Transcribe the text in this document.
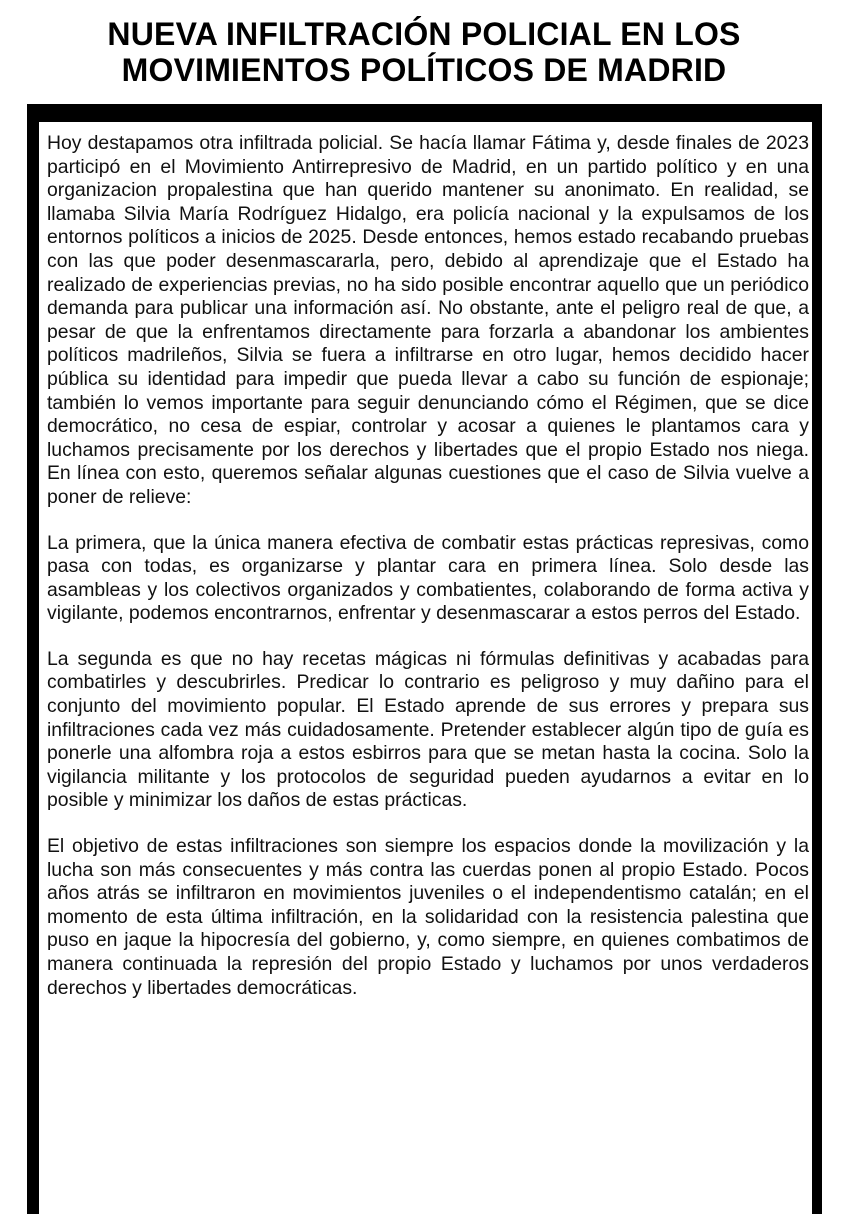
NUEVA INFILTRACIÓN POLICIAL EN LOS
MOVIMIENTOS POLÍTICOS DE MADRID

Hoy destapamos otra infiltrada policial. Se hacía llamar Fátima y, desde finales de 2023 participó en el Movimiento Antirrepresivo de Madrid, en un partido político y en una organizacion propalestina que han querido mantener su anonimato. En realidad, se llamaba Silvia María Rodríguez Hidalgo, era policía nacional y la expulsamos de los entornos políticos a inicios de 2025. Desde entonces, hemos estado recabando pruebas con las que poder desenmascararla, pero, debido al aprendizaje que el Estado ha realizado de experiencias previas, no ha sido posible encontrar aquello que un periódico demanda para publicar una información así. No obstante, ante el peligro real de que, a pesar de que la enfrentamos directamente para forzarla a abandonar los ambientes políticos madrileños, Silvia se fuera a infiltrarse en otro lugar, hemos decidido hacer pública su identidad para impedir que pueda llevar a cabo su función de espionaje; también lo vemos importante para seguir denunciando cómo el Régimen, que se dice democrático, no cesa de espiar, controlar y acosar a quienes le plantamos cara y luchamos precisamente por los derechos y libertades que el propio Estado nos niega. En línea con esto, queremos señalar algunas cuestiones que el caso de Silvia vuelve a poner de relieve:

La primera, que la única manera efectiva de combatir estas prácticas represivas, como pasa con todas, es organizarse y plantar cara en primera línea. Solo desde las asambleas y los colectivos organizados y combatientes, colaborando de forma activa y vigilante, podemos encontrarnos, enfrentar y desenmascarar a estos perros del Estado.

La segunda es que no hay recetas mágicas ni fórmulas definitivas y acabadas para combatirles y descubrirles. Predicar lo contrario es peligroso y muy dañino para el conjunto del movimiento popular. El Estado aprende de sus errores y prepara sus infiltraciones cada vez más cuidadosamente. Pretender establecer algún tipo de guía es ponerle una alfombra roja a estos esbirros para que se metan hasta la cocina. Solo la vigilancia militante y los protocolos de seguridad pueden ayudarnos a evitar en lo posible y minimizar los daños de estas prácticas.

El objetivo de estas infiltraciones son siempre los espacios donde la movilización y la lucha son más consecuentes y más contra las cuerdas ponen al propio Estado. Pocos años atrás se infiltraron en movimientos juveniles o el independentismo catalán; en el momento de esta última infiltración, en la solidaridad con la resistencia palestina que puso en jaque la hipocresía del gobierno, y, como siempre, en quienes combatimos de manera continuada la represión del propio Estado y luchamos por unos verdaderos derechos y libertades democráticas.
